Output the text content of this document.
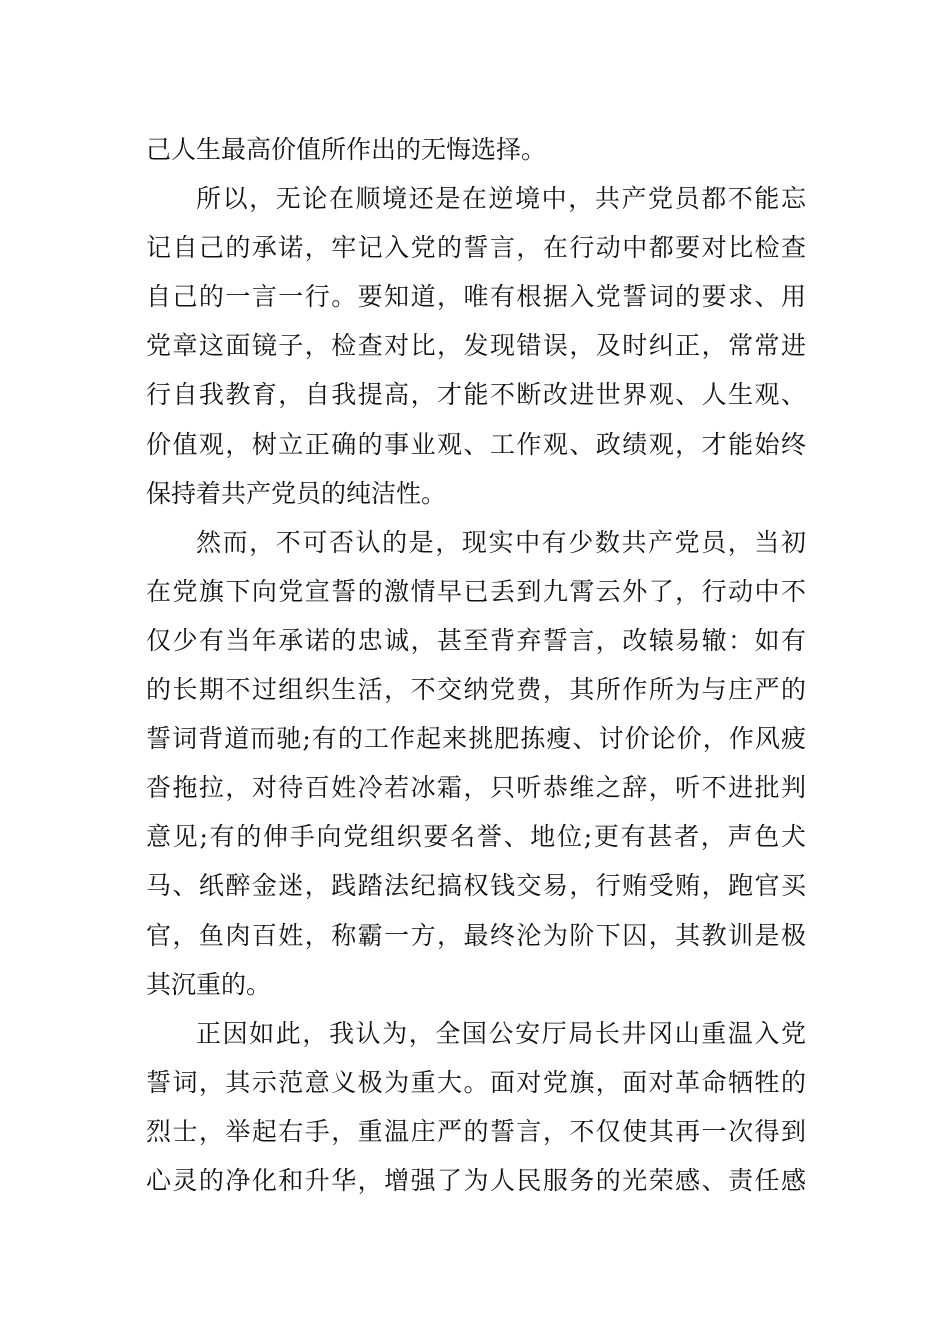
己人生最高价值所作出的无悔选择。
所以，无论在顺境还是在逆境中，共产党员都不能忘
记自己的承诺，牢记入党的誓言，在行动中都要对比检查
自己的一言一行。要知道，唯有根据入党誓词的要求、用
党章这面镜子，检查对比，发现错误，及时纠正，常常进
行自我教育，自我提高，才能不断改进世界观、人生观、
价值观，树立正确的事业观、工作观、政绩观，才能始终
保持着共产党员的纯洁性。
然而，不可否认的是，现实中有少数共产党员，当初
在党旗下向党宣誓的激情早已丢到九霄云外了，行动中不
仅少有当年承诺的忠诚，甚至背弃誓言，改辕易辙：如有
的长期不过组织生活，不交纳党费，其所作所为与庄严的
誓词背道而驰;有的工作起来挑肥拣瘦、讨价论价，作风疲
沓拖拉，对待百姓冷若冰霜，只听恭维之辞，听不进批判
意见;有的伸手向党组织要名誉、地位;更有甚者，声色犬
马、纸醉金迷，践踏法纪搞权钱交易，行贿受贿，跑官买
官，鱼肉百姓，称霸一方，最终沦为阶下囚，其教训是极
其沉重的。
正因如此，我认为，全国公安厅局长井冈山重温入党
誓词，其示范意义极为重大。面对党旗，面对革命牺牲的
烈士，举起右手，重温庄严的誓言，不仅使其再一次得到
心灵的净化和升华，增强了为人民服务的光荣感、责任感
